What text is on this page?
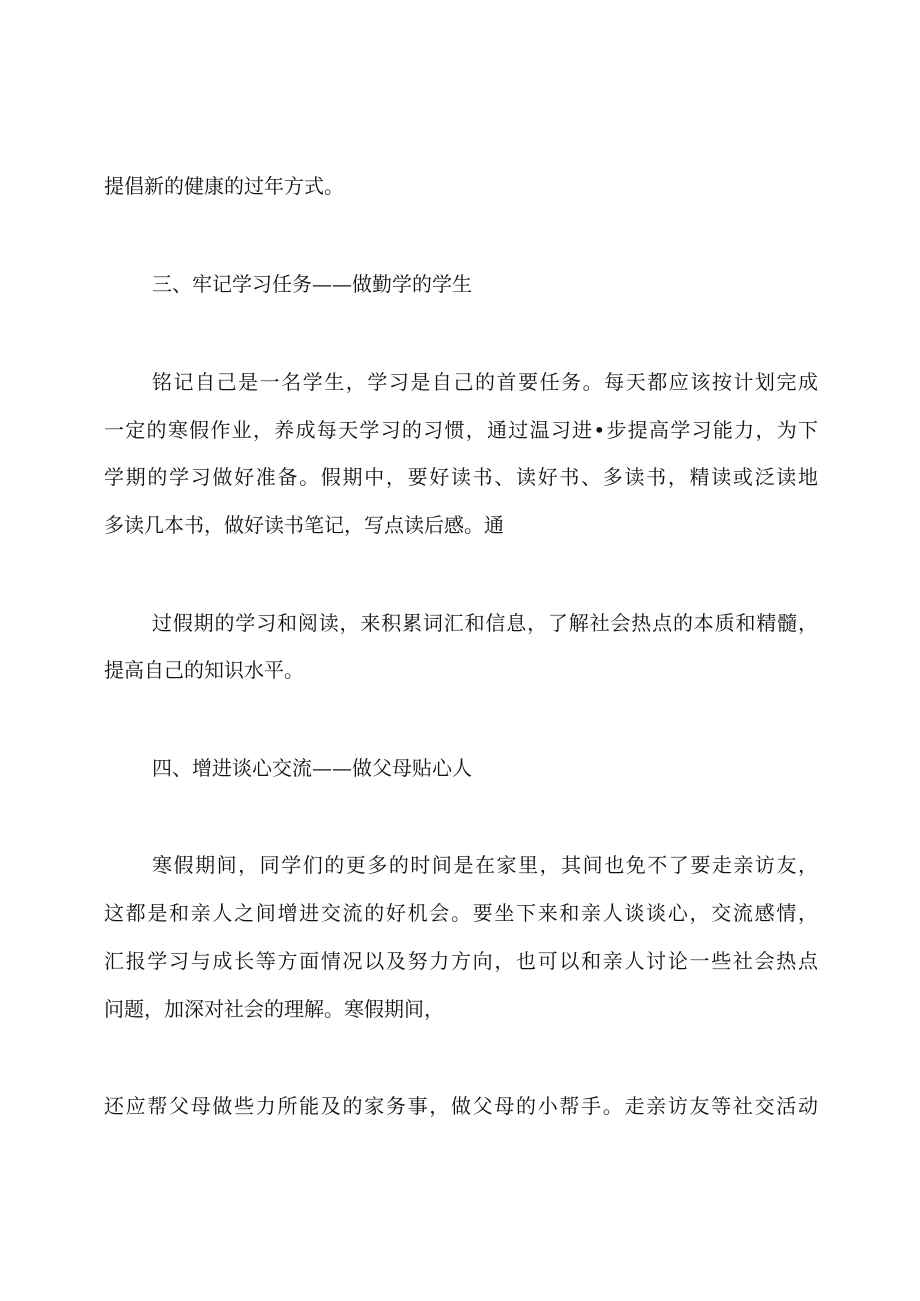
提倡新的健康的过年方式。

三、牢记学习任务——做勤学的学生

铭记自己是一名学生，学习是自己的首要任务。每天都应该按计划完成

一定的寒假作业，养成每天学习的习惯，通过温习进•步提高学习能力，为下

学期的学习做好准备。假期中，要好读书、读好书、多读书，精读或泛读地

多读几本书，做好读书笔记，写点读后感。通

过假期的学习和阅读，来积累词汇和信息，了解社会热点的本质和精髓，

提高自己的知识水平。

四、增进谈心交流——做父母贴心人

寒假期间，同学们的更多的时间是在家里，其间也免不了要走亲访友，

这都是和亲人之间增进交流的好机会。要坐下来和亲人谈谈心，交流感情，

汇报学习与成长等方面情况以及努力方向，也可以和亲人讨论一些社会热点

问题，加深对社会的理解。寒假期间，

还应帮父母做些力所能及的家务事，做父母的小帮手。走亲访友等社交活动
